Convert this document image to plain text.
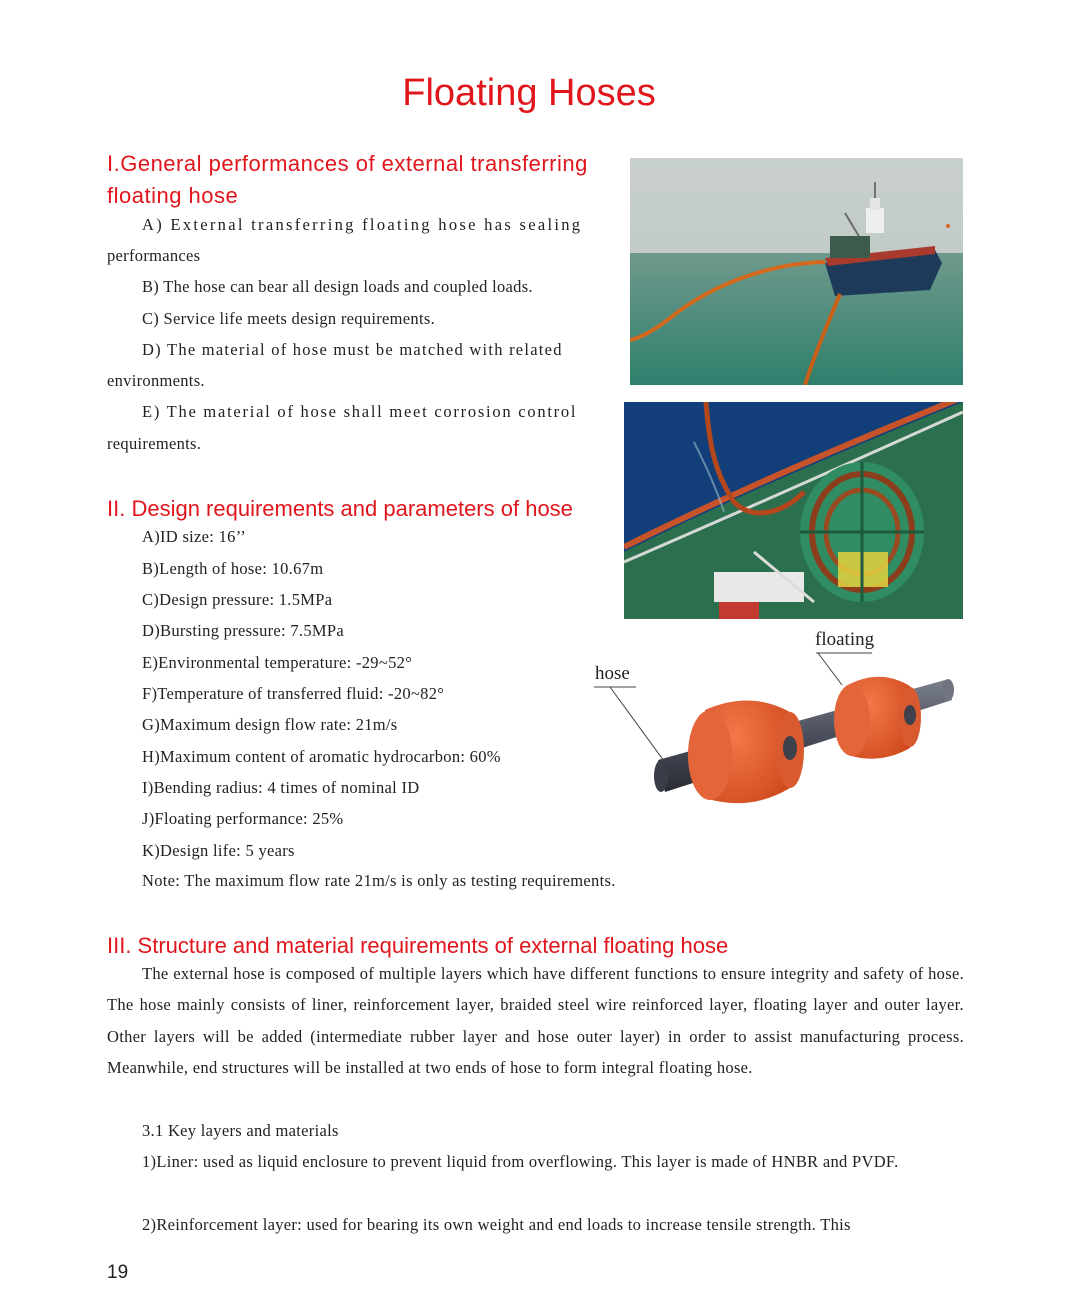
Floating Hoses
I.General performances of external transferring
floating hose
A) External transferring floating hose has sealing
performances
B) The hose can bear all design loads and coupled loads.
C) Service life meets design requirements.
D) The material of hose must be matched with related
environments.
E) The material of hose shall meet corrosion control
requirements.
II. Design requirements and parameters of hose
A)ID size: 16’’
B)Length of hose: 10.67m
C)Design pressure: 1.5MPa
D)Bursting pressure: 7.5MPa
E)Environmental temperature: -29~52°
F)Temperature of transferred fluid: -20~82°
G)Maximum design flow rate: 21m/s
H)Maximum content of aromatic hydrocarbon: 60%
I)Bending radius: 4 times of nominal ID
J)Floating performance: 25%
K)Design life: 5 years
Note: The maximum flow rate 21m/s is only as testing requirements.
floating
hose
III. Structure and material requirements of external floating hose

The external hose is composed of multiple layers which have different functions to ensure integrity and safety of hose. The hose mainly consists of liner, reinforcement layer, braided steel wire reinforced layer, floating layer and outer layer. Other layers will be added (intermediate rubber layer and hose outer layer) in order to assist manufacturing process. Meanwhile, end structures will be installed at two ends of hose to form integral floating hose.

3.1 Key layers and materials

1)Liner: used as liquid enclosure to prevent liquid from overflowing. This layer is made of HNBR and PVDF.

2)Reinforcement layer: used for bearing its own weight and end loads to increase tensile strength. This

19
